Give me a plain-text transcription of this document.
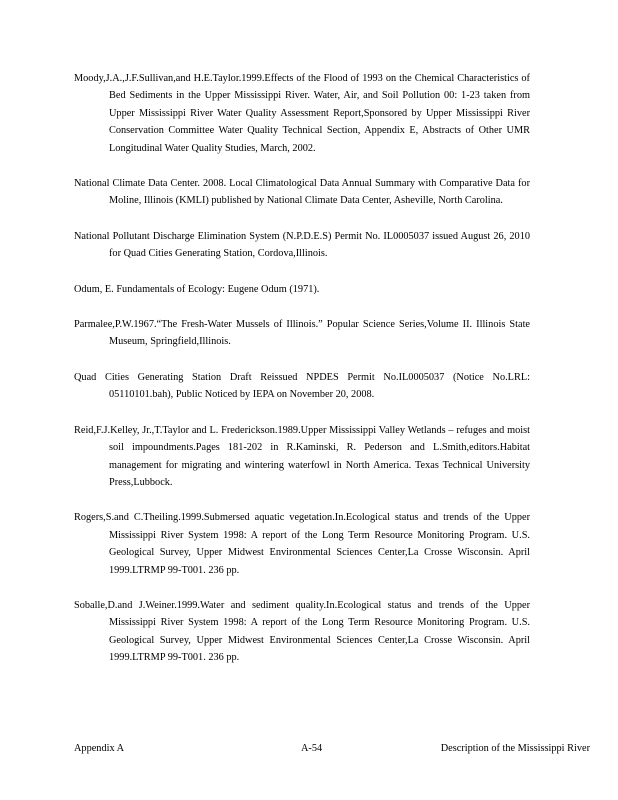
Moody,J.A.,J.F.Sullivan,and H.E.Taylor.1999.Effects of the Flood of 1993 on the Chemical Characteristics of Bed Sediments in the Upper Mississippi River. Water, Air, and Soil Pollution 00: 1-23 taken from Upper Mississippi River Water Quality Assessment Report,Sponsored by Upper Mississippi River Conservation Committee Water Quality Technical Section, Appendix E, Abstracts of Other UMR Longitudinal Water Quality Studies, March, 2002.

National Climate Data Center. 2008. Local Climatological Data Annual Summary with Comparative Data for Moline, Illinois (KMLI) published by National Climate Data Center, Asheville, North Carolina.

National Pollutant Discharge Elimination System (N.P.D.E.S) Permit No. IL0005037 issued August 26, 2010 for Quad Cities Generating Station, Cordova,Illinois.

Odum, E. Fundamentals of Ecology: Eugene Odum (1971).

Parmalee,P.W.1967.“The Fresh-Water Mussels of Illinois.” Popular Science Series,Volume II. Illinois State Museum, Springfield,Illinois.

Quad Cities Generating Station Draft Reissued NPDES Permit No.IL0005037 (Notice No.LRL: 05110101.bah), Public Noticed by IEPA on November 20, 2008.

Reid,F.J.Kelley, Jr.,T.Taylor and L. Frederickson.1989.Upper Mississippi Valley Wetlands – refuges and moist soil impoundments.Pages 181-202 in R.Kaminski, R. Pederson and L.Smith,editors.Habitat management for migrating and wintering waterfowl in North America. Texas Technical University Press,Lubbock.

Rogers,S.and C.Theiling.1999.Submersed aquatic vegetation.In.Ecological status and trends of the Upper Mississippi River System 1998: A report of the Long Term Resource Monitoring Program. U.S. Geological Survey, Upper Midwest Environmental Sciences Center,La Crosse Wisconsin. April 1999.LTRMP 99-T001. 236 pp.

Soballe,D.and J.Weiner.1999.Water and sediment quality.In.Ecological status and trends of the Upper Mississippi River System 1998: A report of the Long Term Resource Monitoring Program. U.S. Geological Survey, Upper Midwest Environmental Sciences Center,La Crosse Wisconsin. April 1999.LTRMP 99-T001. 236 pp.

Appendix A	A-54	Description of the Mississippi River
